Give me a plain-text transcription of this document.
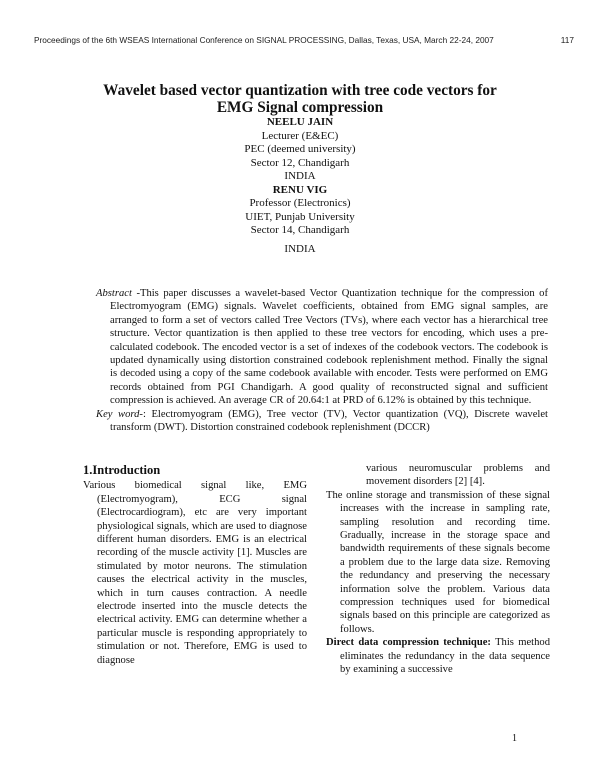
Proceedings of the 6th WSEAS International Conference on SIGNAL PROCESSING, Dallas, Texas, USA, March 22-24, 2007	117
Wavelet based vector quantization with tree code vectors for
EMG Signal compression
NEELU JAIN
Lecturer (E&EC)
PEC (deemed university)
Sector 12, Chandigarh
INDIA
RENU VIG
Professor (Electronics)
UIET, Punjab University
Sector 14, Chandigarh
INDIA

Abstract -This paper discusses a wavelet-based Vector Quantization technique for the compression of Electromyogram (EMG) signals. Wavelet coefficients, obtained from EMG signal samples, are arranged to form a set of vectors called Tree Vectors (TVs), where each vector has a hierarchical tree structure. Vector quantization is then applied to these tree vectors for encoding, which uses a pre-calculated codebook. The encoded vector is a set of indexes of the codebook vectors. The codebook is updated dynamically using distortion constrained codebook replenishment method. Finally the signal is decoded using a copy of the same codebook available with encoder. Tests were performed on EMG records obtained from PGI Chandigarh. A good quality of reconstructed signal and sufficient compression is achieved. An average CR of 20.64:1 at PRD of 6.12% is obtained by this technique.

Key word-: Electromyogram (EMG), Tree vector (TV), Vector quantization (VQ), Discrete wavelet transform (DWT). Distortion constrained codebook replenishment (DCCR)

1.Introduction

Various biomedical signal like, EMG (Electromyogram), ECG signal (Electrocardiogram), etc are very important physiological signals, which are used to diagnose different human disorders. EMG is an electrical recording of the muscle activity [1]. Muscles are stimulated by motor neurons. The stimulation causes the electrical activity in the muscles, which in turn causes contraction. A needle electrode inserted into the muscle detects the electrical activity. EMG can determine whether a particular muscle is responding appropriately to stimulation or not. Therefore, EMG is used to diagnose

various neuromuscular problems and movement disorders [2] [4].

The online storage and transmission of these signal increases with the increase in sampling rate, sampling resolution and recording time. Gradually, increase in the storage space and bandwidth requirements of these signals become a problem due to the large data size. Removing the redundancy and preserving the necessary information solve the problem. Various data compression techniques used for biomedical signals based on this principle are categorized as follows.

Direct data compression technique: This method eliminates the redundancy in the data sequence by examining a successive

1
